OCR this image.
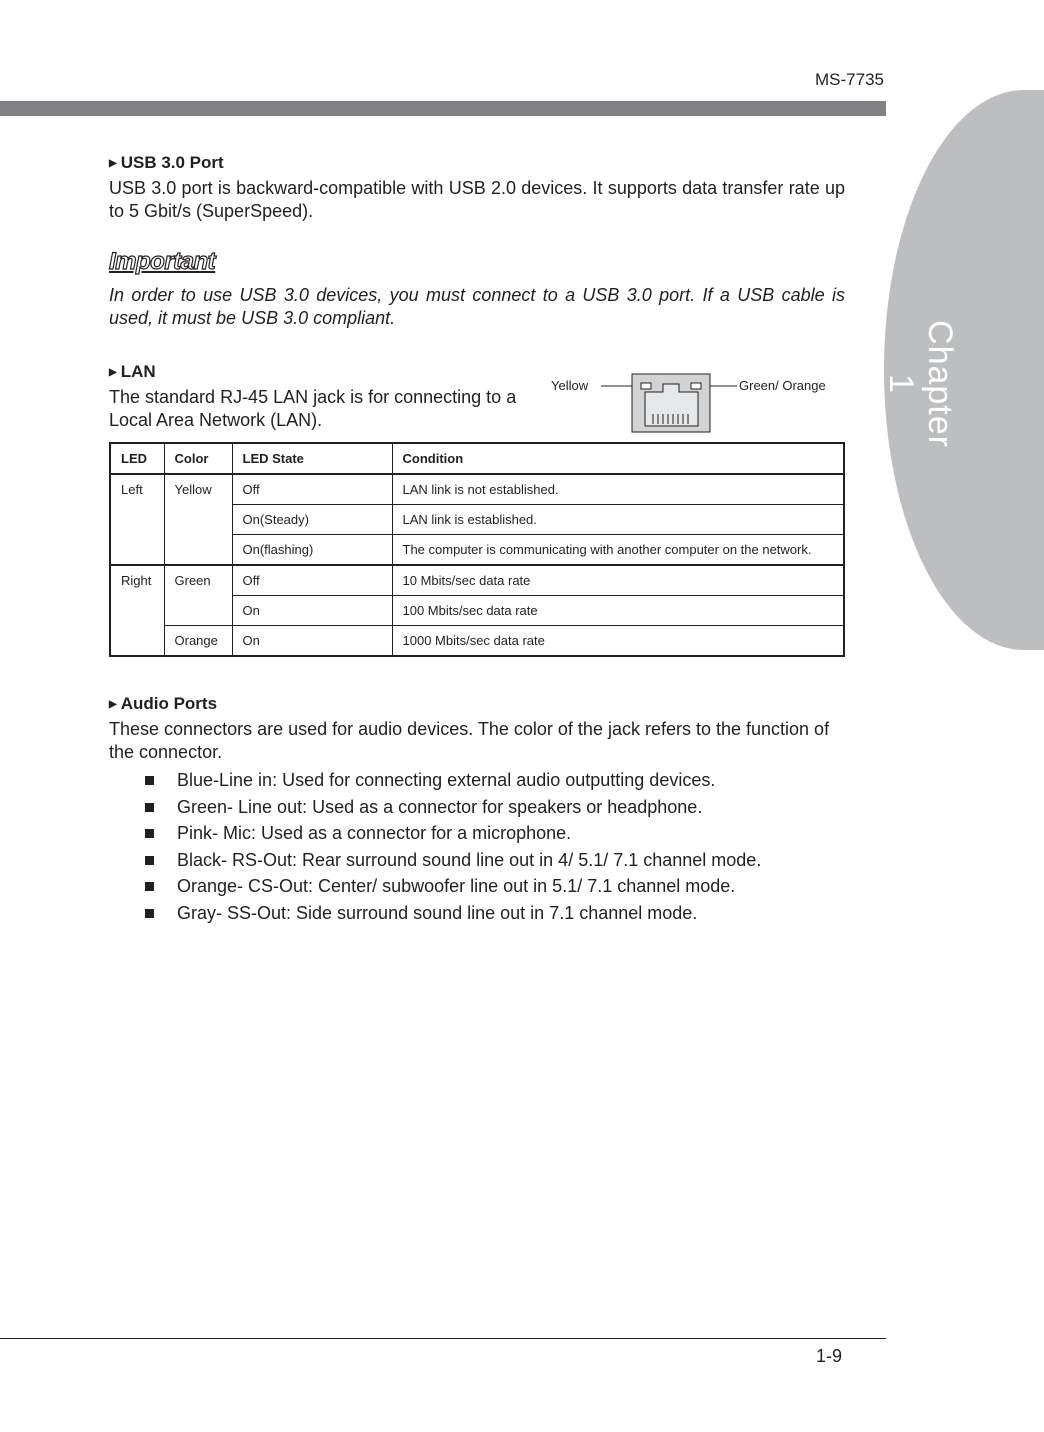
MS-7735
Chapter 1
▶ USB 3.0 Port
USB 3.0 port is backward-compatible with USB 2.0 devices. It supports data transfer rate up to 5 Gbit/s (SuperSpeed).
Important
In order to use USB 3.0 devices, you must connect to a USB 3.0 port. If a USB cable is used, it must be USB 3.0 compliant.
▶ LAN
The standard RJ-45 LAN jack is for connecting to a Local Area Network (LAN).
Yellow	Green/ Orange
LED	Color	LED State	Condition
Left	Yellow	Off	LAN link is not established.
		On(Steady)	LAN link is established.
		On(flashing)	The computer is communicating with another computer on the network.
Right	Green	Off	10 Mbits/sec data rate
		On	100 Mbits/sec data rate
	Orange	On	1000 Mbits/sec data rate
▶ Audio Ports
These connectors are used for audio devices. The color of the jack refers to the function of the connector.
Blue-Line in: Used for connecting external audio outputting devices.
Green- Line out: Used as a connector for speakers or headphone.
Pink- Mic: Used as a connector for a microphone.
Black- RS-Out: Rear surround sound line out in 4/ 5.1/ 7.1 channel mode.
Orange- CS-Out: Center/ subwoofer line out in 5.1/ 7.1 channel mode.
Gray- SS-Out: Side surround sound line out in 7.1 channel mode.
1-9
